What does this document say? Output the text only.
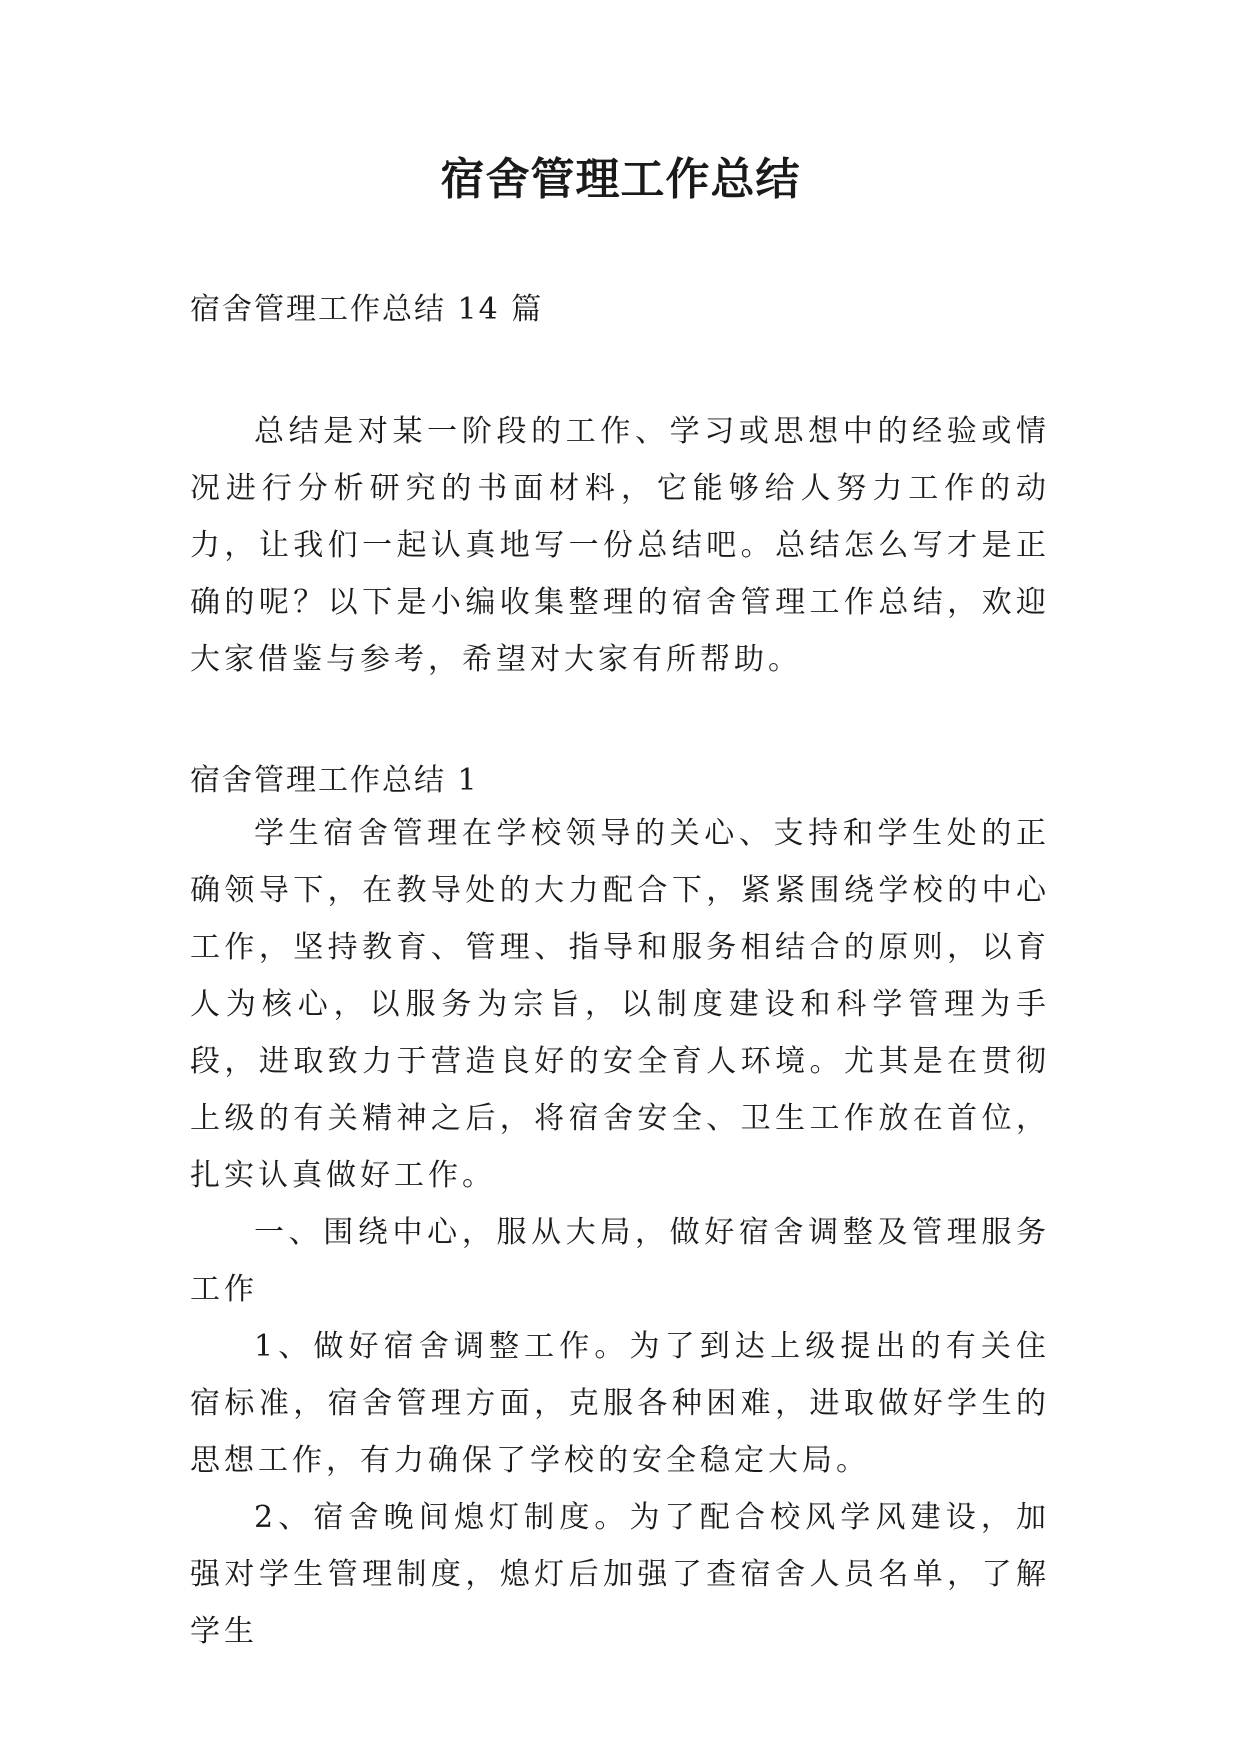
宿舍管理工作总结

宿舍管理工作总结 14 篇

总结是对某一阶段的工作、学习或思想中的经验或情况进行分析研究的书面材料，它能够给人努力工作的动力，让我们一起认真地写一份总结吧。总结怎么写才是正确的呢？以下是小编收集整理的宿舍管理工作总结，欢迎大家借鉴与参考，希望对大家有所帮助。

宿舍管理工作总结 1

学生宿舍管理在学校领导的关心、支持和学生处的正确领导下，在教导处的大力配合下，紧紧围绕学校的中心工作，坚持教育、管理、指导和服务相结合的原则，以育人为核心，以服务为宗旨，以制度建设和科学管理为手段，进取致力于营造良好的安全育人环境。尤其是在贯彻上级的有关精神之后，将宿舍安全、卫生工作放在首位，扎实认真做好工作。

一、围绕中心，服从大局，做好宿舍调整及管理服务工作

1、做好宿舍调整工作。为了到达上级提出的有关住宿标准，宿舍管理方面，克服各种困难，进取做好学生的思想工作，有力确保了学校的安全稳定大局。

2、宿舍晚间熄灯制度。为了配合校风学风建设，加强对学生管理制度，熄灯后加强了查宿舍人员名单，了解学生
